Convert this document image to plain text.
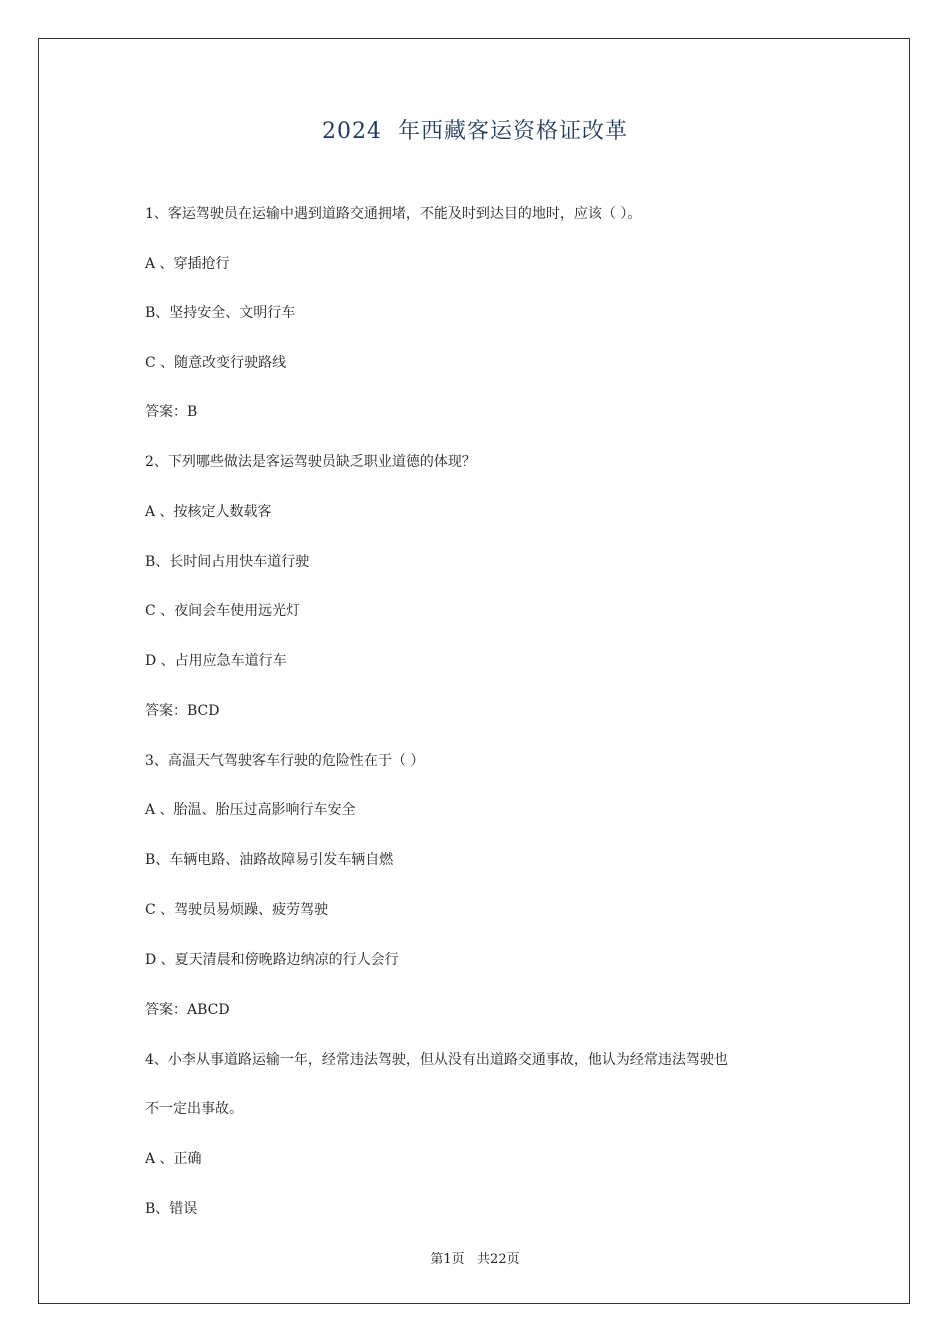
2024  年西藏客运资格证改革
1、客运驾驶员在运输中遇到道路交通拥堵，不能及时到达目的地时，应该（ ）。
A 、穿插抢行
B、坚持安全、文明行车
C 、随意改变行驶路线
答案：B
2、下列哪些做法是客运驾驶员缺乏职业道德的体现？
A 、按核定人数载客
B、长时间占用快车道行驶
C 、夜间会车使用远光灯
D 、占用应急车道行车
答案：BCD
3、高温天气驾驶客车行驶的危险性在于（ ）
A 、胎温、胎压过高影响行车安全
B、车辆电路、油路故障易引发车辆自燃
C 、驾驶员易烦躁、疲劳驾驶
D 、夏天清晨和傍晚路边纳凉的行人会行
答案：ABCD
4、小李从事道路运输一年，经常违法驾驶，但从没有出道路交通事故，他认为经常违法驾驶也
不一定出事故。
A 、正确
B、错误
第1页   共22页
